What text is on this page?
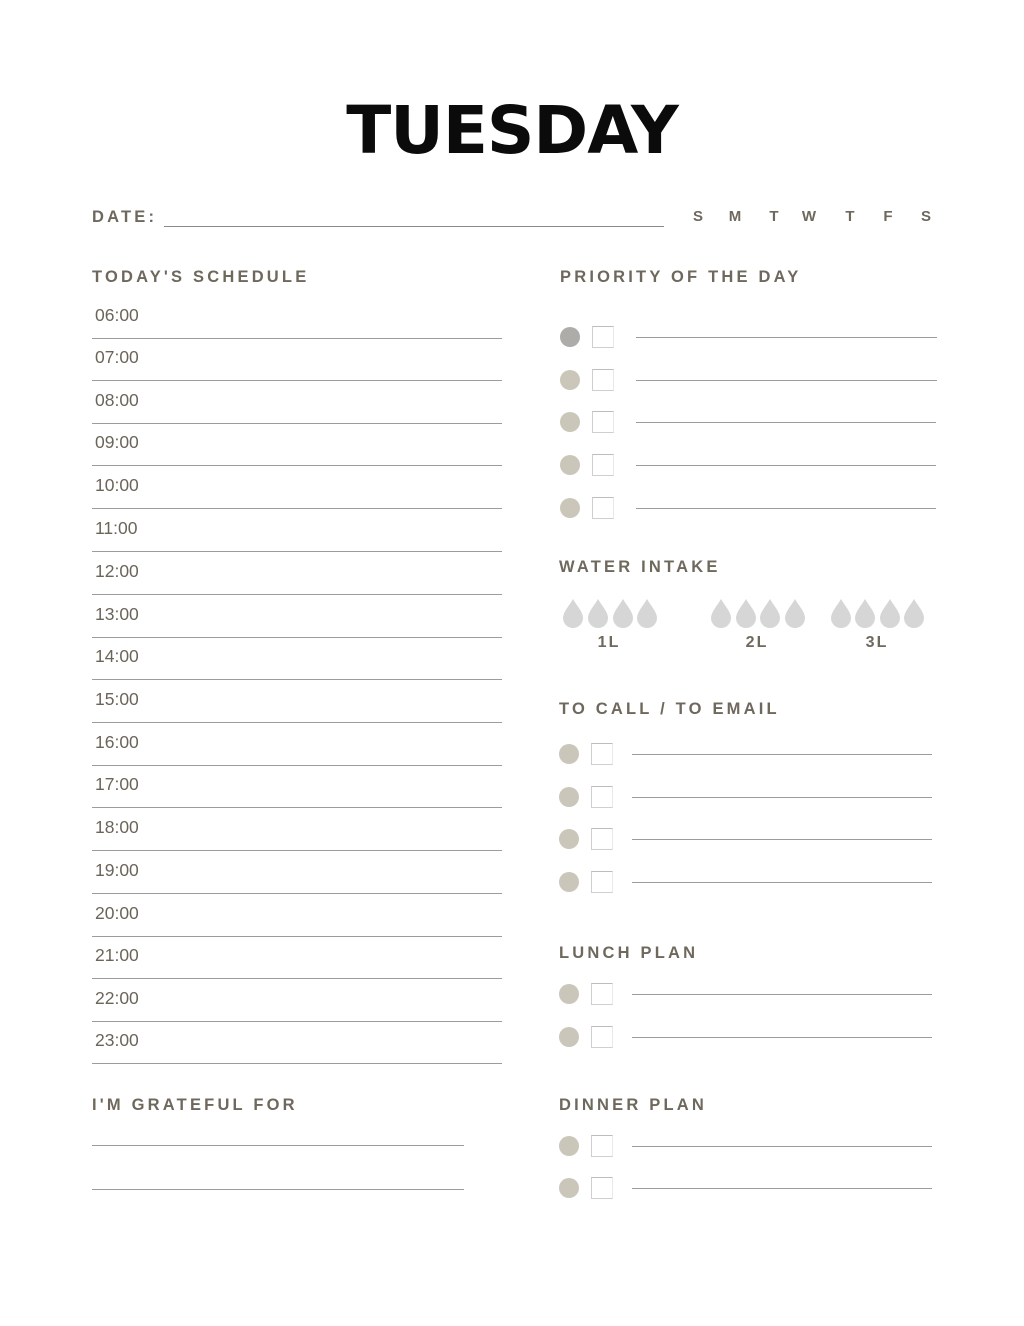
TUESDAY
DATE:	S M T W T F S
TODAY'S SCHEDULE
06:00
07:00
08:00
09:00
10:00
11:00
12:00
13:00
14:00
15:00
16:00
17:00
18:00
19:00
20:00
21:00
22:00
23:00
I'M GRATEFUL FOR
PRIORITY OF THE DAY
WATER INTAKE
1L	2L	3L
TO CALL / TO EMAIL
LUNCH PLAN
DINNER PLAN
